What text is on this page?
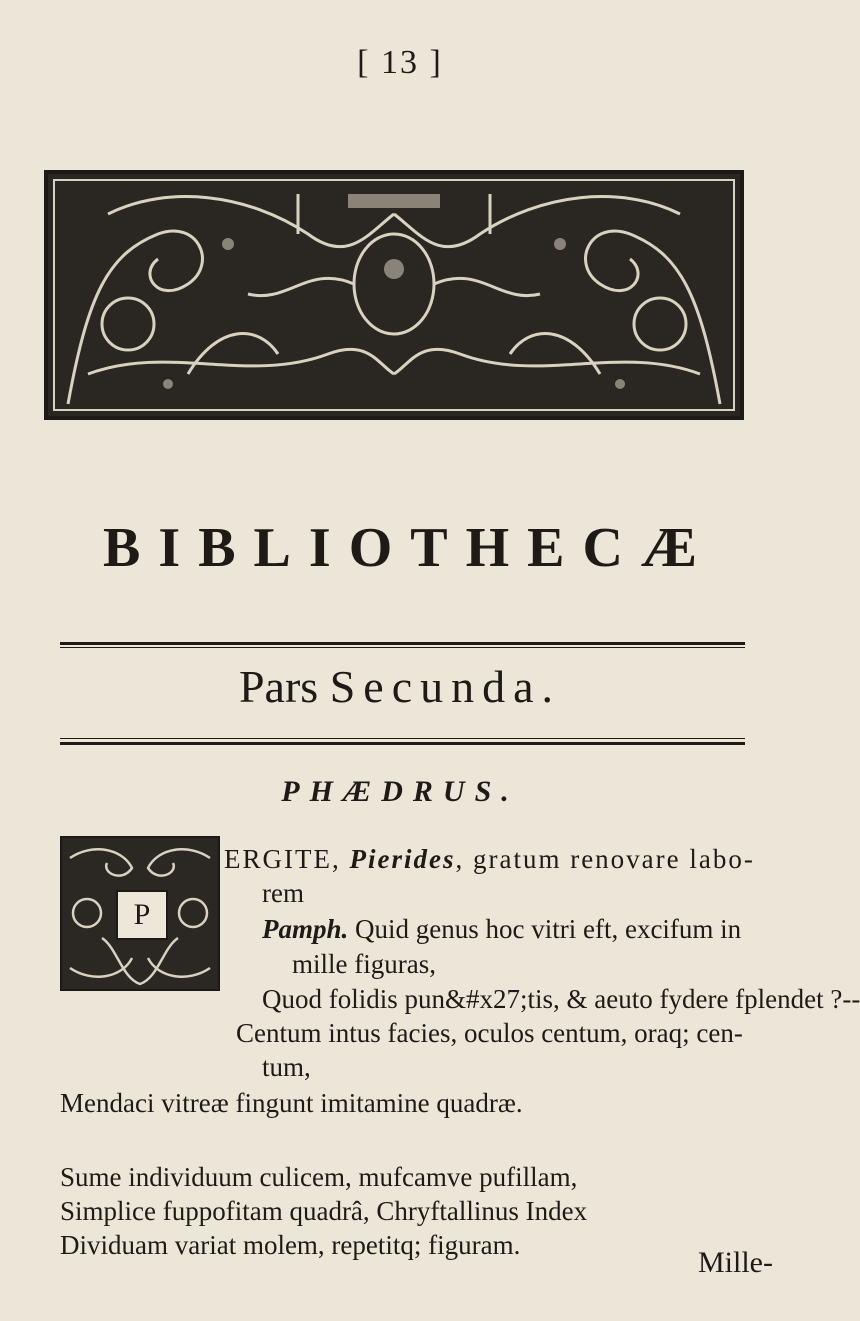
[ 13 ]
BIBLIOTHECÆ
Pars Secunda.
PHÆDRUS.
P
ERGITE, Pierides, gratum renovare labo-
rem
Pamph. Quid genus hoc vitri eft, excifum in
mille figuras,
Quod folidis pun&#x27;tis, & aeuto fydere fplendet ?--
Centum intus facies, oculos centum, oraq; cen-
tum,
Mendaci vitreæ fingunt imitamine quadræ.
Sume individuum culicem, mufcamve pufillam,
Simplice fuppofitam quadrâ, Chryftallinus Index
Dividuam variat molem, repetitq; figuram.
Mille-
